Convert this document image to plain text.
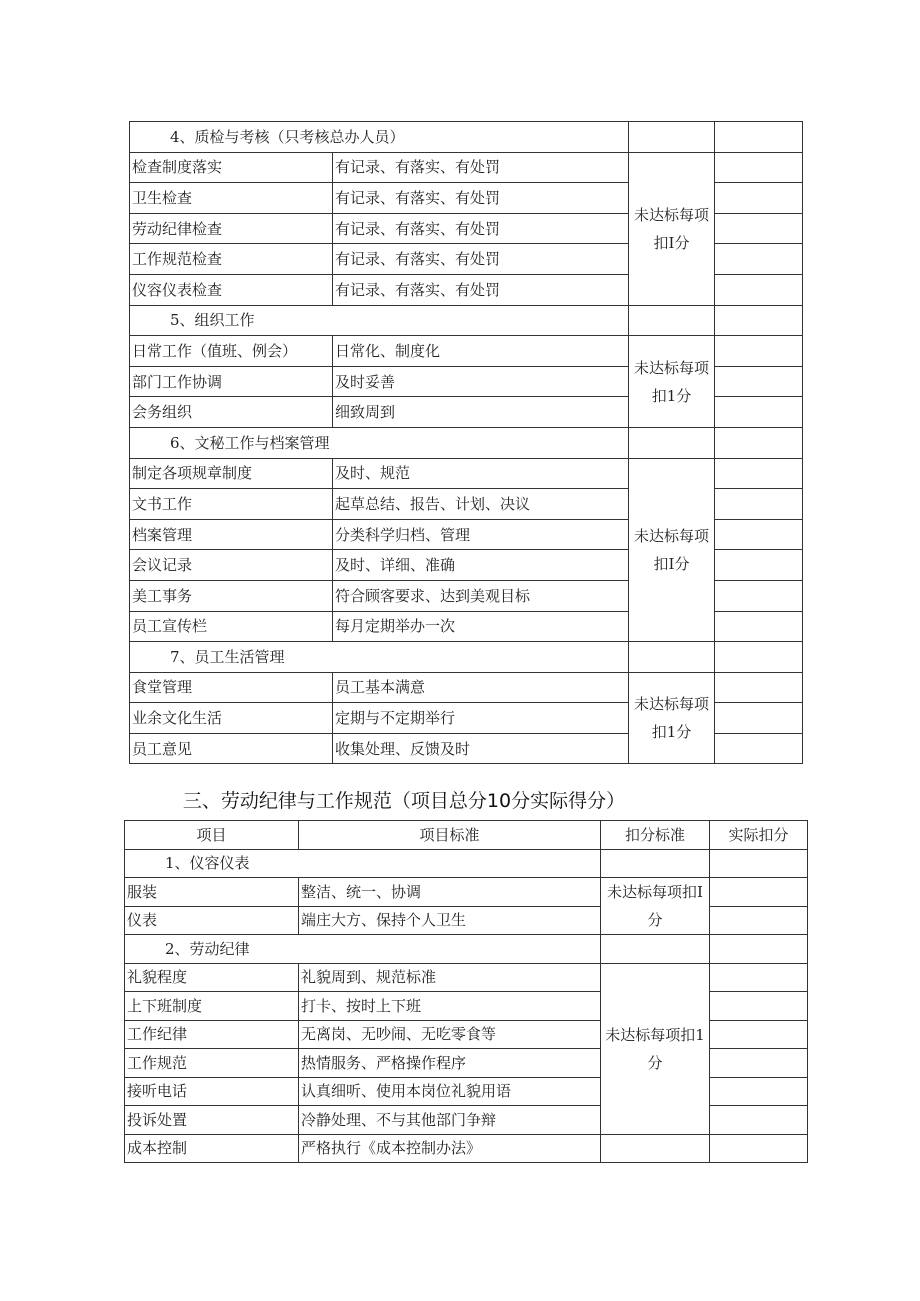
4、质检与考核（只考核总办人员）			
检查制度落实	有记录、有落实、有处罚	未达标每项扣Ⅰ分	
卫生检查	有记录、有落实、有处罚		
劳动纪律检查	有记录、有落实、有处罚		
工作规范检查	有记录、有落实、有处罚		
仪容仪表检查	有记录、有落实、有处罚		
5、组织工作			
日常工作（值班、例会）	日常化、制度化	未达标每项扣1分	
部门工作协调	及时妥善		
会务组织	细致周到		
6、文秘工作与档案管理			
制定各项规章制度	及时、规范	未达标每项扣Ⅰ分	
文书工作	起草总结、报告、计划、决议		
档案管理	分类科学归档、管理		
会议记录	及时、详细、准确		
美工事务	符合顾客要求、达到美观目标		
员工宣传栏	每月定期举办一次		
7、员工生活管理			
食堂管理	员工基本满意	未达标每项扣1分	
业余文化生活	定期与不定期举行		
员工意见	收集处理、反馈及时		
三、劳动纪律与工作规范（项目总分10分实际得分）
项目	项目标准	扣分标准	实际扣分
1、仪容仪表			
服装	整洁、统一、协调	未达标每项扣Ⅰ分	
仪表	端庄大方、保持个人卫生		
2、劳动纪律			
礼貌程度	礼貌周到、规范标准	未达标每项扣1分	
上下班制度	打卡、按时上下班		
工作纪律	无离岗、无吵闹、无吃零食等		
工作规范	热情服务、严格操作程序		
接听电话	认真细听、使用本岗位礼貌用语		
投诉处置	冷静处理、不与其他部门争辩		
成本控制	严格执行《成本控制办法》		
